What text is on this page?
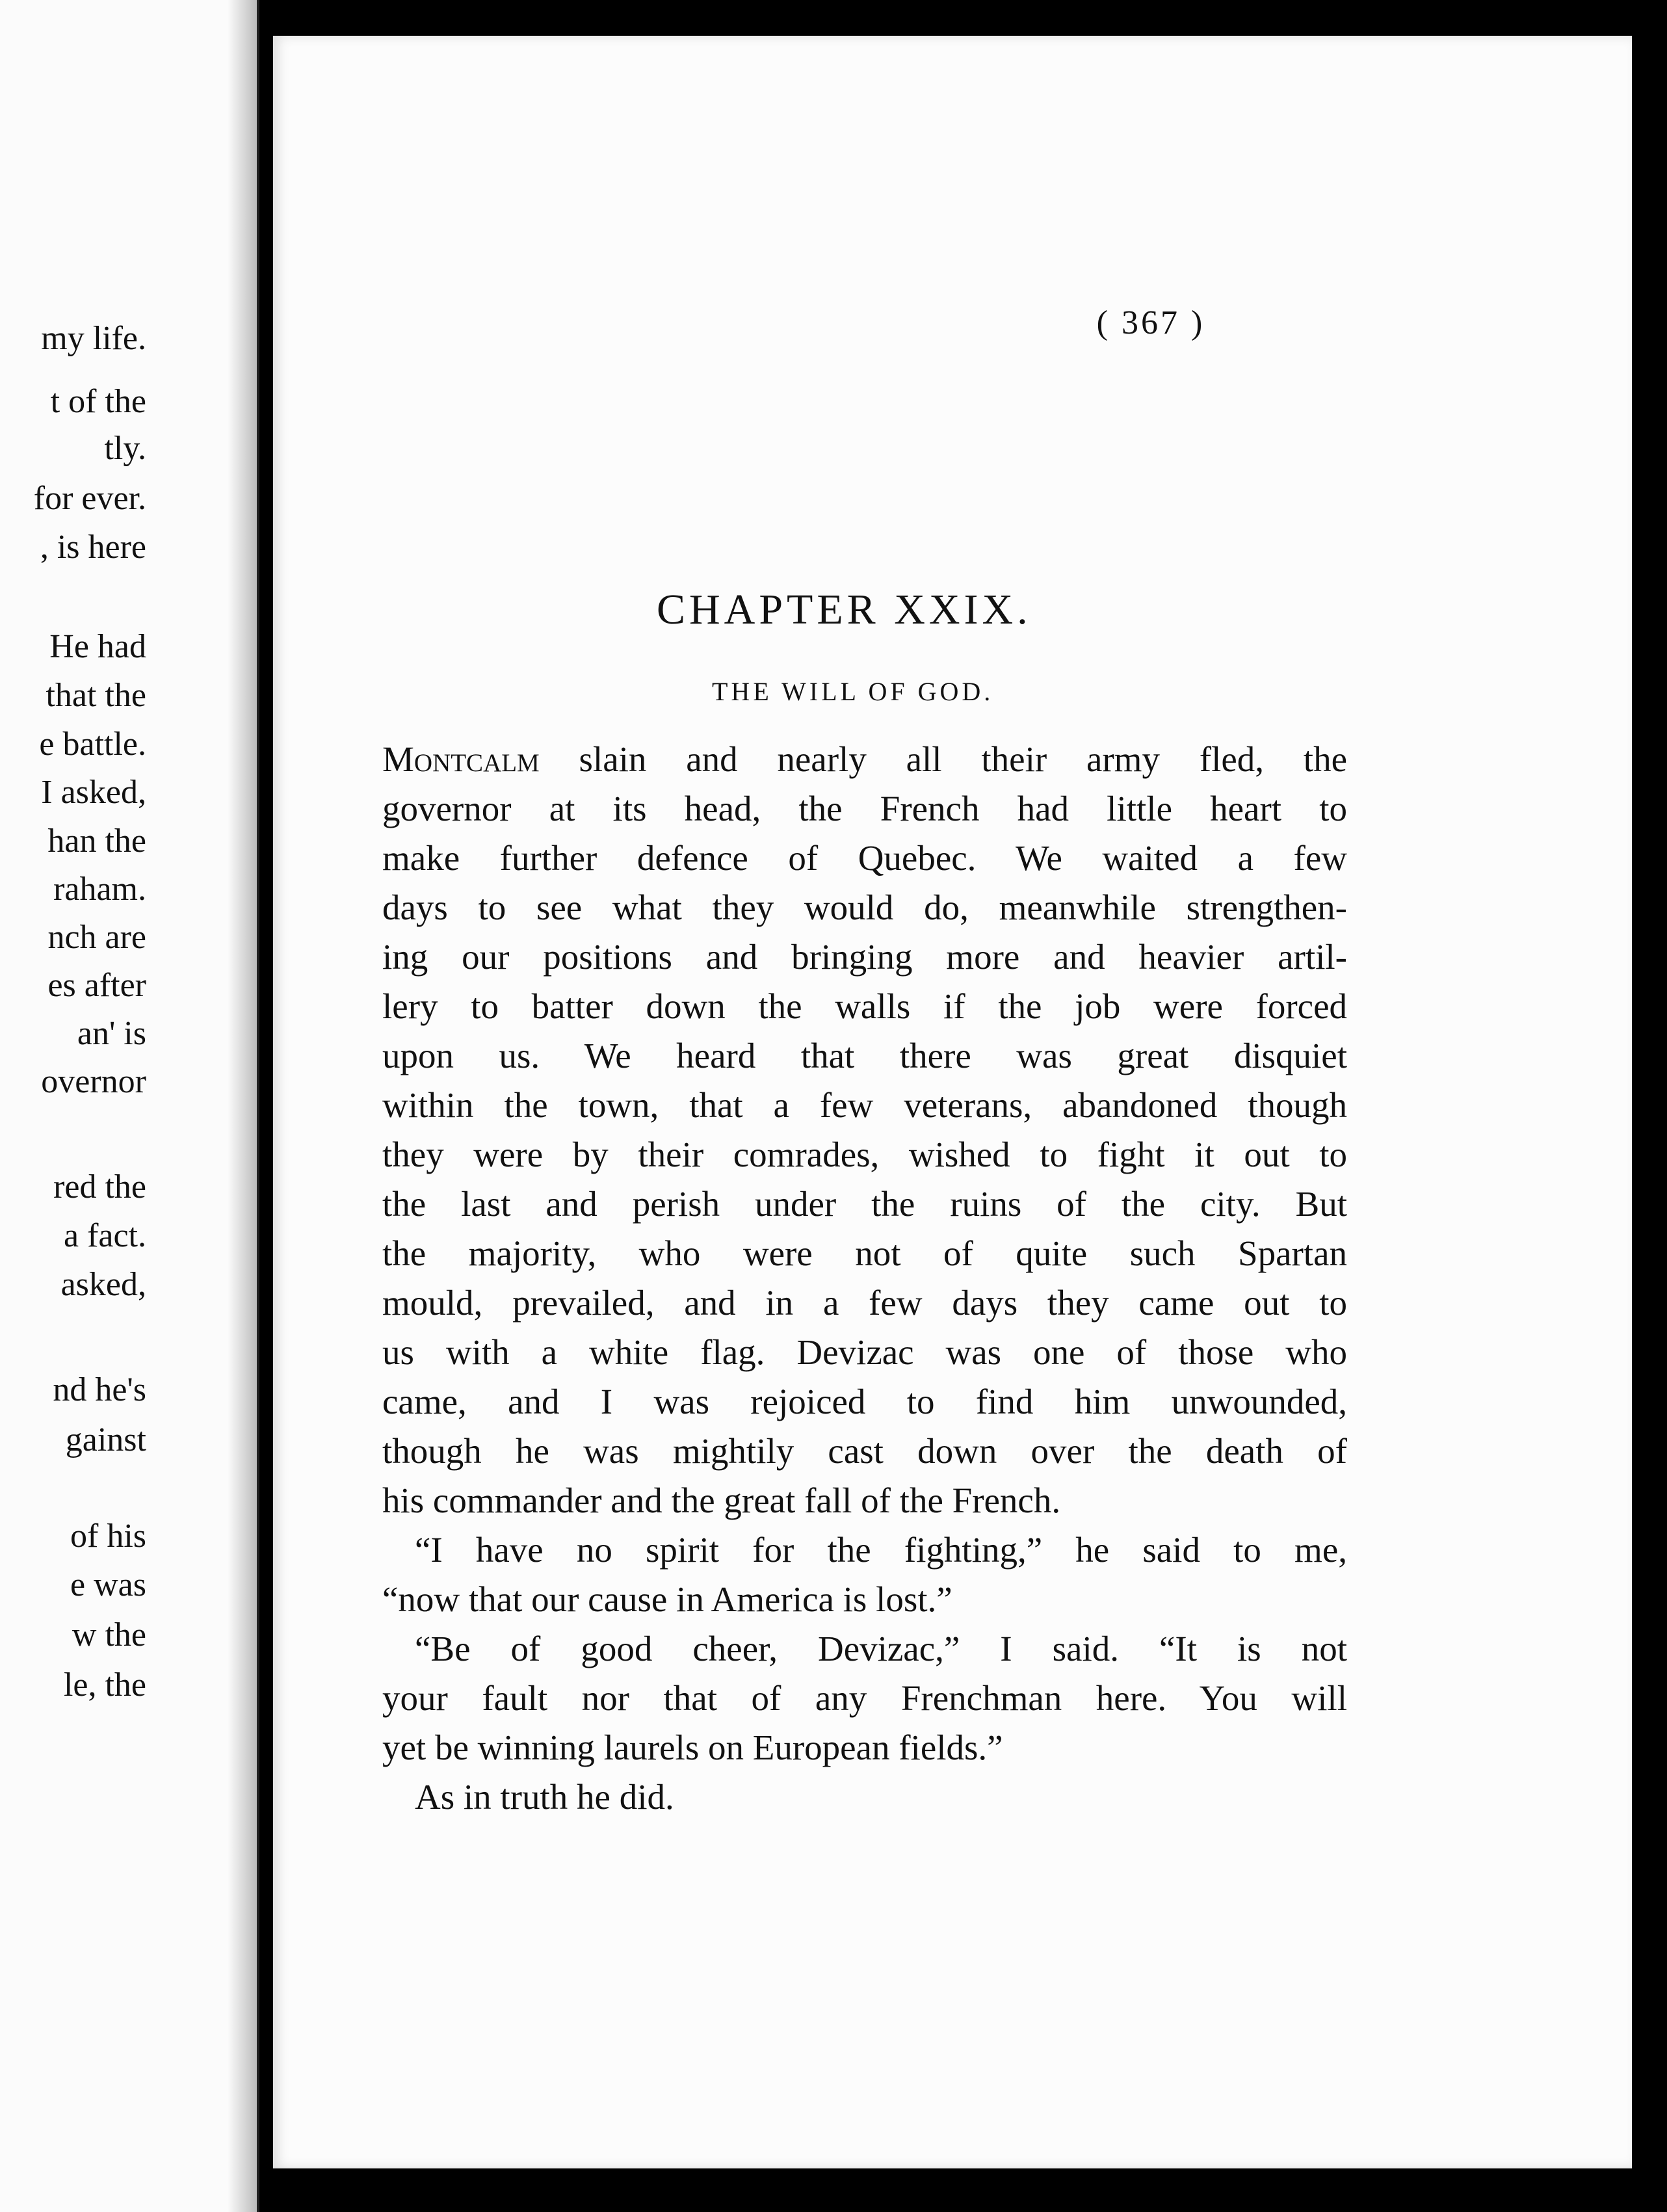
my life.
t of the
tly.
for ever.
, is here
He had
that the
e battle.
I asked,
han the
raham.
nch are
es after
an' is
overnor
red the
a fact.
asked,
nd he's
gainst
of his
e was
w the
le, the
( 367 )
CHAPTER XXIX.
THE WILL OF GOD.
Montcalm slain and nearly all their army fled, the
governor at its head, the French had little heart to
make further defence of Quebec. We waited a few
days to see what they would do, meanwhile strengthen-
ing our positions and bringing more and heavier artil-
lery to batter down the walls if the job were forced
upon us. We heard that there was great disquiet
within the town, that a few veterans, abandoned though
they were by their comrades, wished to fight it out to
the last and perish under the ruins of the city. But
the majority, who were not of quite such Spartan
mould, prevailed, and in a few days they came out to
us with a white flag. Devizac was one of those who
came, and I was rejoiced to find him unwounded,
though he was mightily cast down over the death of
his commander and the great fall of the French.
“I have no spirit for the fighting,” he said to me,
“now that our cause in America is lost.”
“Be of good cheer, Devizac,” I said. “It is not
your fault nor that of any Frenchman here. You will
yet be winning laurels on European fields.”
As in truth he did.
